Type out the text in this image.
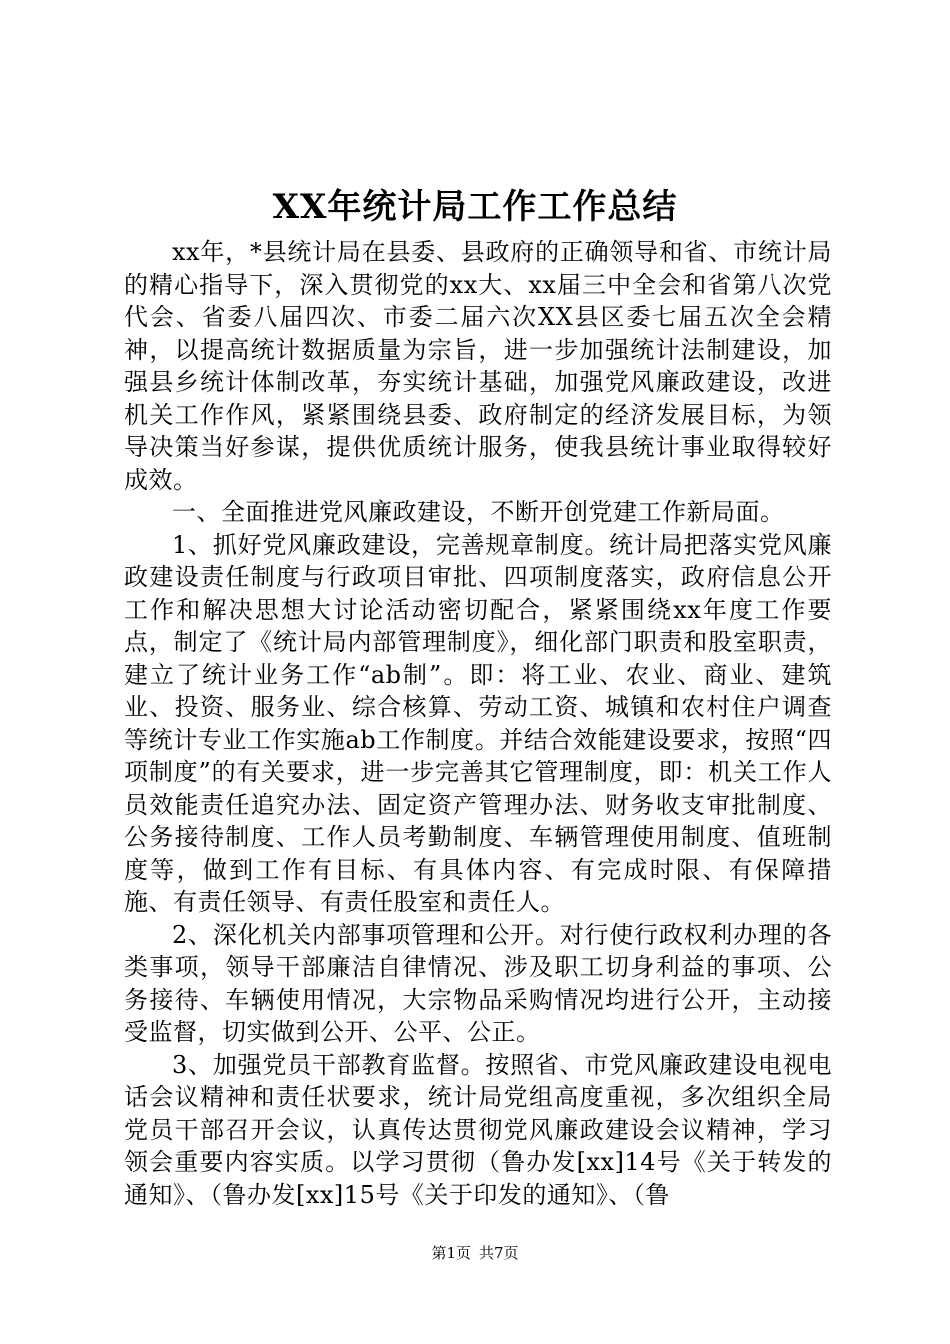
XX年统计局工作工作总结

xx年，*县统计局在县委、县政府的正确领导和省、市统计局的精心指导下，深入贯彻党的xx大、xx届三中全会和省第八次党代会、省委八届四次、市委二届六次XX县区委七届五次全会精神，以提高统计数据质量为宗旨，进一步加强统计法制建设，加强县乡统计体制改革，夯实统计基础，加强党风廉政建设，改进机关工作作风，紧紧围绕县委、政府制定的经济发展目标，为领导决策当好参谋，提供优质统计服务，使我县统计事业取得较好成效。

一、全面推进党风廉政建设，不断开创党建工作新局面。

1、抓好党风廉政建设，完善规章制度。统计局把落实党风廉政建设责任制度与行政项目审批、四项制度落实，政府信息公开工作和解决思想大讨论活动密切配合，紧紧围绕xx年度工作要点，制定了《统计局内部管理制度》，细化部门职责和股室职责，建立了统计业务工作“ab制”。即：将工业、农业、商业、建筑业、投资、服务业、综合核算、劳动工资、城镇和农村住户调查等统计专业工作实施ab工作制度。并结合效能建设要求，按照“四项制度”的有关要求，进一步完善其它管理制度，即：机关工作人员效能责任追究办法、固定资产管理办法、财务收支审批制度、公务接待制度、工作人员考勤制度、车辆管理使用制度、值班制度等，做到工作有目标、有具体内容、有完成时限、有保障措施、有责任领导、有责任股室和责任人。

2、深化机关内部事项管理和公开。对行使行政权利办理的各类事项，领导干部廉洁自律情况、涉及职工切身利益的事项、公务接待、车辆使用情况，大宗物品采购情况均进行公开，主动接受监督，切实做到公开、公平、公正。

3、加强党员干部教育监督。按照省、市党风廉政建设电视电话会议精神和责任状要求，统计局党组高度重视，多次组织全局党员干部召开会议，认真传达贯彻党风廉政建设会议精神，学习领会重要内容实质。以学习贯彻（鲁办发[xx]14号《关于转发的通知》、（鲁办发[xx]15号《关于印发的通知》、（鲁

第1页 共7页
